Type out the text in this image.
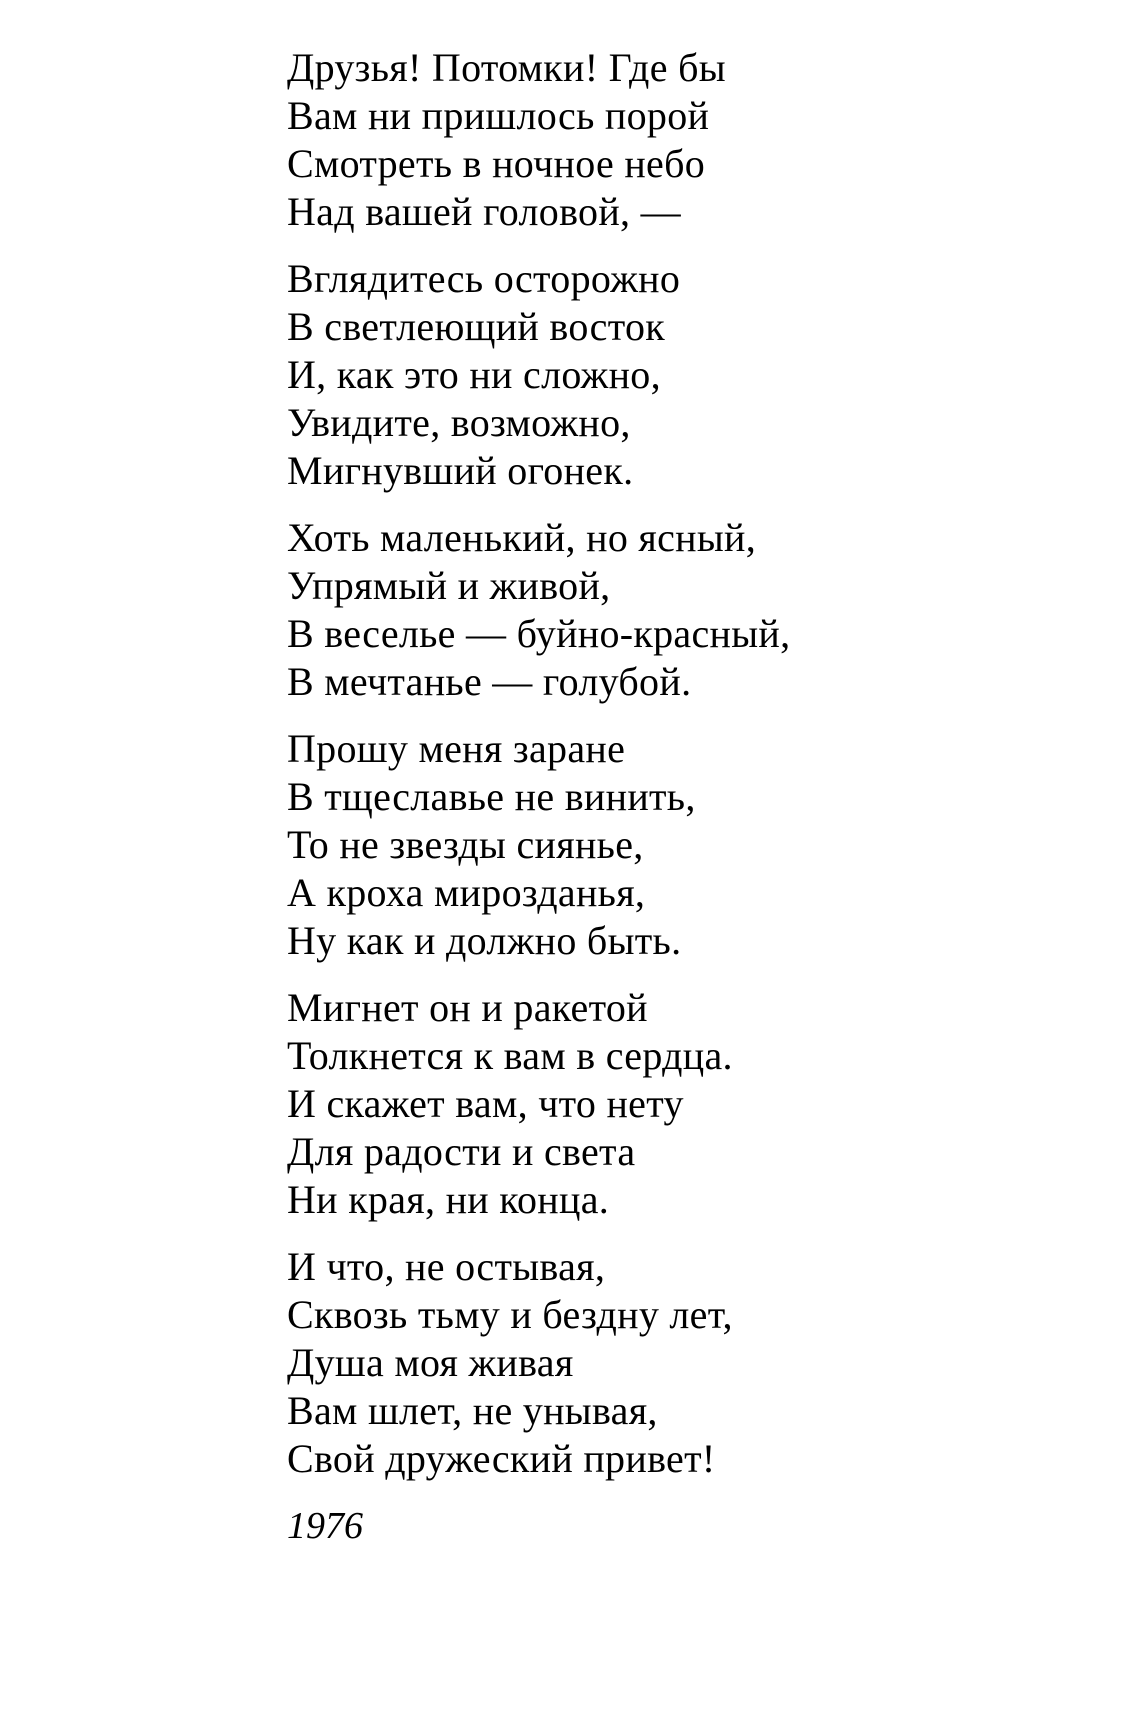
Друзья! Потомки! Где бы
Вам ни пришлось порой
Смотреть в ночное небо
Над вашей головой, —
Вглядитесь осторожно
В светлеющий восток
И, как это ни сложно,
Увидите, возможно,
Мигнувший огонек.
Хоть маленький, но ясный,
Упрямый и живой,
В веселье — буйно-красный,
В мечтанье — голубой.
Прошу меня заране
В тщеславье не винить,
То не звезды сиянье,
А кроха мирозданья,
Ну как и должно быть.
Мигнет он и ракетой
Толкнется к вам в сердца.
И скажет вам, что нету
Для радости и света
Ни края, ни конца.
И что, не остывая,
Сквозь тьму и бездну лет,
Душа моя живая
Вам шлет, не унывая,
Свой дружеский привет!
1976
